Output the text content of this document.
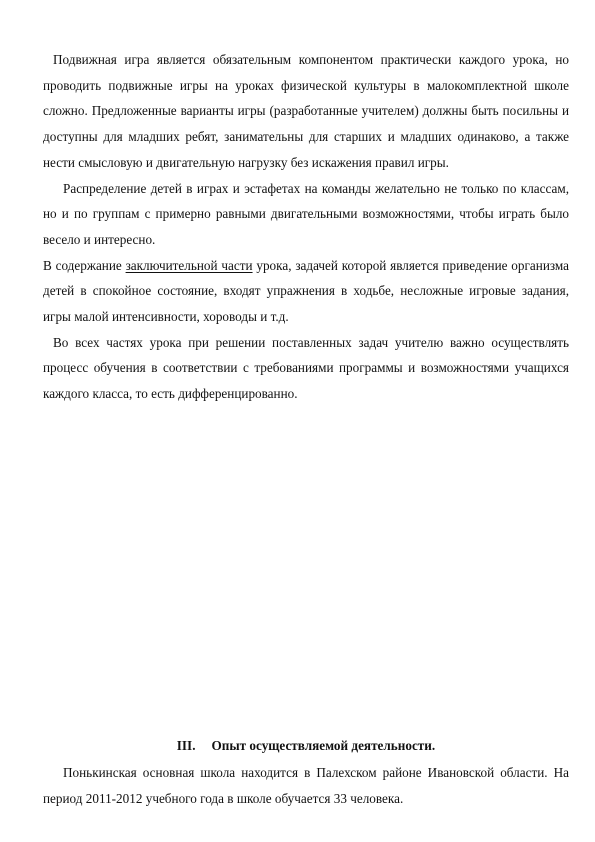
Подвижная игра является обязательным компонентом практически каждого урока, но проводить подвижные игры на уроках физической культуры в малокомплектной школе сложно. Предложенные варианты игры (разработанные учителем) должны быть посильны и доступны для младших ребят, занимательны для старших и младших одинаково, а также нести смысловую и двигательную нагрузку без искажения правил игры.

Распределение детей в играх и эстафетах на команды желательно не только по классам, но и по группам с примерно равными двигательными возможностями, чтобы играть было весело и интересно.

В содержание заключительной части урока, задачей которой является приведение организма детей в спокойное состояние, входят упражнения в ходьбе, несложные игровые задания, игры малой интенсивности, хороводы и т.д.

Во всех частях урока при решении поставленных задач учителю важно осуществлять процесс обучения в соответствии с требованиями программы и возможностями учащихся каждого класса, то есть дифференцированно.

III. Опыт осуществляемой деятельности.

Понькинская основная школа находится в Палехском районе Ивановской области. На период 2011-2012 учебного года в школе обучается 33 человека.
